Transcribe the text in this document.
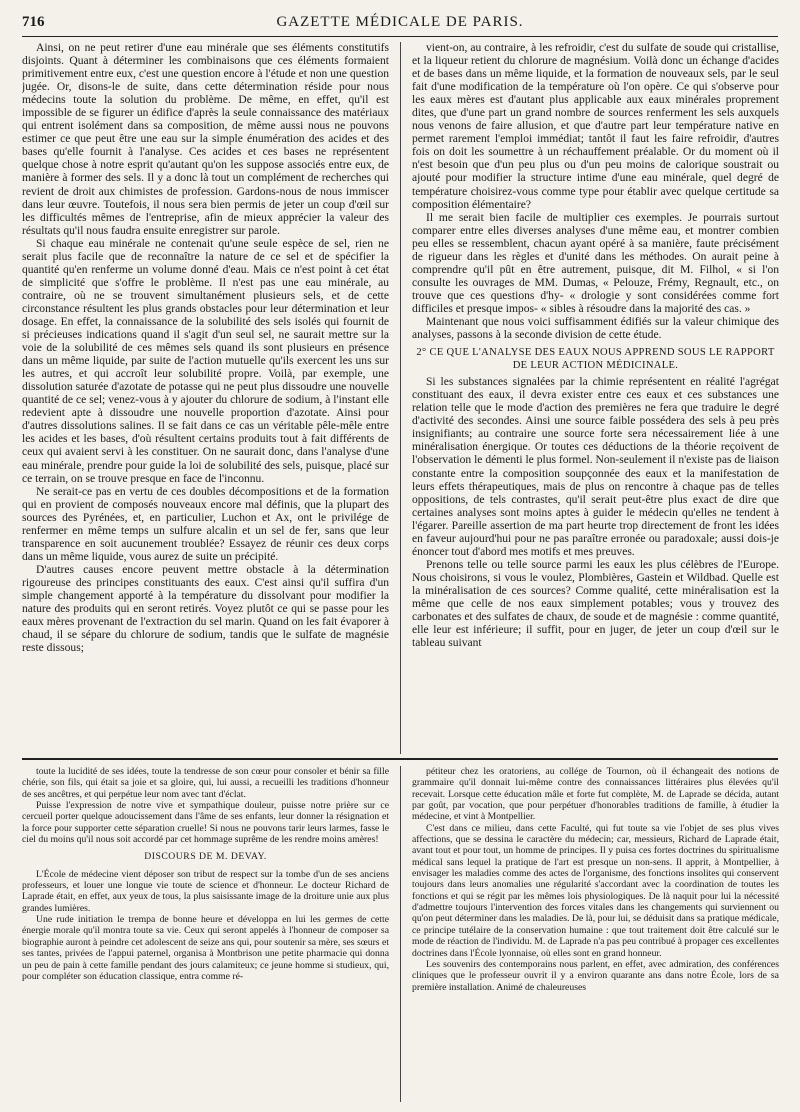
716	GAZETTE MÉDICALE DE PARIS.

Ainsi, on ne peut retirer d'une eau minérale que ses éléments constitutifs disjoints. Quant à déterminer les combinaisons que ces éléments formaient primitivement entre eux, c'est une question encore à l'étude et non une question jugée. Or, disons-le de suite, dans cette détermination réside pour nous médecins toute la solution du problème. De même, en effet, qu'il est impossible de se figurer un édifice d'après la seule connaissance des matériaux qui entrent isolément dans sa composition, de même aussi nous ne pouvons estimer ce que peut être une eau sur la simple énumération des acides et des bases qu'elle fournit à l'analyse. Ces acides et ces bases ne représentent quelque chose à notre esprit qu'autant qu'on les suppose associés entre eux, de manière à former des sels. Il y a donc là tout un complément de recherches qui revient de droit aux chimistes de profession. Gardons-nous de nous immiscer dans leur œuvre. Toutefois, il nous sera bien permis de jeter un coup d'œil sur les difficultés mêmes de l'entreprise, afin de mieux apprécier la valeur des résultats qu'il nous faudra ensuite enregistrer sur parole.

Si chaque eau minérale ne contenait qu'une seule espèce de sel, rien ne serait plus facile que de reconnaître la nature de ce sel et de spécifier la quantité qu'en renferme un volume donné d'eau. Mais ce n'est point à cet état de simplicité que s'offre le problème. Il n'est pas une eau minérale, au contraire, où ne se trouvent simultanément plusieurs sels, et de cette circonstance résultent les plus grands obstacles pour leur détermination et leur dosage. En effet, la connaissance de la solubilité des sels isolés qui fournit de si précieuses indications quand il s'agit d'un seul sel, ne saurait mettre sur la voie de la solubilité de ces mêmes sels quand ils sont plusieurs en présence dans un même liquide, par suite de l'action mutuelle qu'ils exercent les uns sur les autres, et qui accroît leur solubilité propre. Voilà, par exemple, une dissolution saturée d'azotate de potasse qui ne peut plus dissoudre une nouvelle quantité de ce sel; venez-vous à y ajouter du chlorure de sodium, à l'instant elle redevient apte à dissoudre une nouvelle proportion d'azotate. Ainsi pour d'autres dissolutions salines. Il se fait dans ce cas un véritable pêle-mêle entre les acides et les bases, d'où résultent certains produits tout à fait différents de ceux qui avaient servi à les constituer. On ne saurait donc, dans l'analyse d'une eau minérale, prendre pour guide la loi de solubilité des sels, puisque, placé sur ce terrain, on se trouve presque en face de l'inconnu.

Ne serait-ce pas en vertu de ces doubles décompositions et de la formation qui en provient de composés nouveaux encore mal définis, que la plupart des sources des Pyrénées, et, en particulier, Luchon et Ax, ont le privilége de renfermer en même temps un sulfure alcalin et un sel de fer, sans que leur transparence en soit aucunement troublée? Essayez de réunir ces deux corps dans un même liquide, vous aurez de suite un précipité.

D'autres causes encore peuvent mettre obstacle à la détermination rigoureuse des principes constituants des eaux. C'est ainsi qu'il suffira d'un simple changement apporté à la température du dissolvant pour modifier la nature des produits qui en seront retirés. Voyez plutôt ce qui se passe pour les eaux mères provenant de l'extraction du sel marin. Quand on les fait évaporer à chaud, il se sépare du chlorure de sodium, tandis que le sulfate de magnésie reste dissous;

vient-on, au contraire, à les refroidir, c'est du sulfate de soude qui cristallise, et la liqueur retient du chlorure de magnésium. Voilà donc un échange d'acides et de bases dans un même liquide, et la formation de nouveaux sels, par le seul fait d'une modification de la température où l'on opère. Ce qui s'observe pour les eaux mères est d'autant plus applicable aux eaux minérales proprement dites, que d'une part un grand nombre de sources renferment les sels auxquels nous venons de faire allusion, et que d'autre part leur température native en permet rarement l'emploi immédiat; tantôt il faut les faire refroidir, d'autres fois on doit les soumettre à un réchauffement préalable. Or du moment où il n'est besoin que d'un peu plus ou d'un peu moins de calorique soustrait ou ajouté pour modifier la structure intime d'une eau minérale, quel degré de température choisirez-vous comme type pour établir avec quelque certitude sa composition élémentaire?

Il me serait bien facile de multiplier ces exemples. Je pourrais surtout comparer entre elles diverses analyses d'une même eau, et montrer combien peu elles se ressemblent, chacun ayant opéré à sa manière, faute précisément de rigueur dans les règles et d'unité dans les méthodes. On aurait peine à comprendre qu'il pût en être autrement, puisque, dit M. Filhol, « si l'on consulte les ouvrages de MM. Dumas, « Pelouze, Frémy, Regnault, etc., on trouve que ces questions d'hy- « drologie y sont considérées comme fort difficiles et presque impos- « sibles à résoudre dans la majorité des cas. »

Maintenant que nous voici suffisamment édifiés sur la valeur chimique des analyses, passons à la seconde division de cette étude.

2° CE QUE L'ANALYSE DES EAUX NOUS APPREND SOUS LE RAPPORT
DE LEUR ACTION MÉDICINALE.

Si les substances signalées par la chimie représentent en réalité l'agrégat constituant des eaux, il devra exister entre ces eaux et ces substances une relation telle que le mode d'action des premières ne fera que traduire le degré d'activité des secondes. Ainsi une source faible possédera des sels à peu près insignifiants; au contraire une source forte sera nécessairement liée à une minéralisation énergique. Or toutes ces déductions de la théorie reçoivent de l'observation le démenti le plus formel. Non-seulement il n'existe pas de liaison constante entre la composition soupçonnée des eaux et la manifestation de leurs effets thérapeutiques, mais de plus on rencontre à chaque pas de telles oppositions, de tels contrastes, qu'il serait peut-être plus exact de dire que certaines analyses sont moins aptes à guider le médecin qu'elles ne tendent à l'égarer. Pareille assertion de ma part heurte trop directement de front les idées en faveur aujourd'hui pour ne pas paraître erronée ou paradoxale; aussi dois-je énoncer tout d'abord mes motifs et mes preuves.

Prenons telle ou telle source parmi les eaux les plus célèbres de l'Europe. Nous choisirons, si vous le voulez, Plombières, Gastein et Wildbad. Quelle est la minéralisation de ces sources? Comme qualité, cette minéralisation est la même que celle de nos eaux simplement potables; vous y trouvez des carbonates et des sulfates de chaux, de soude et de magnésie : comme quantité, elle leur est inférieure; il suffit, pour en juger, de jeter un coup d'œil sur le tableau suivant

toute la lucidité de ses idées, toute la tendresse de son cœur pour consoler et bénir sa fille chérie, son fils, qui était sa joie et sa gloire, qui, lui aussi, a recueilli les traditions d'honneur de ses ancêtres, et qui perpétue leur nom avec tant d'éclat.

Puisse l'expression de notre vive et sympathique douleur, puisse notre prière sur ce cercueil porter quelque adoucissement dans l'âme de ses enfants, leur donner la résignation et la force pour supporter cette séparation cruelle! Si nous ne pouvons tarir leurs larmes, fasse le ciel du moins qu'il nous soit accordé par cet hommage suprême de les rendre moins amères!

DISCOURS DE M. DEVAY.

L'École de médecine vient déposer son tribut de respect sur la tombe d'un de ses anciens professeurs, et louer une longue vie toute de science et d'honneur. Le docteur Richard de Laprade était, en effet, aux yeux de tous, la plus saisissante image de la droiture unie aux plus grandes lumières.

Une rude initiation le trempa de bonne heure et développa en lui les germes de cette énergie morale qu'il montra toute sa vie. Ceux qui seront appelés à l'honneur de composer sa biographie auront à peindre cet adolescent de seize ans qui, pour soutenir sa mère, ses sœurs et ses tantes, privées de l'appui paternel, organisa à Montbrison une petite pharmacie qui donna un peu de pain à cette famille pendant des jours calamiteux; ce jeune homme si studieux, qui, pour compléter son éducation classique, entra comme ré-

pétiteur chez les oratoriens, au collége de Tournon, où il échangeait des notions de grammaire qu'il donnait lui-même contre des connaissances littéraires plus élevées qu'il recevait. Lorsque cette éducation mâle et forte fut complète, M. de Laprade se décida, autant par goût, par vocation, que pour perpétuer d'honorables traditions de famille, à étudier la médecine, et vint à Montpellier.

C'est dans ce milieu, dans cette Faculté, qui fut toute sa vie l'objet de ses plus vives affections, que se dessina le caractère du médecin; car, messieurs, Richard de Laprade était, avant tout et pour tout, un homme de principes. Il y puisa ces fortes doctrines du spiritualisme médical sans lequel la pratique de l'art est presque un non-sens. Il apprit, à Montpellier, à envisager les maladies comme des actes de l'organisme, des fonctions insolites qui conservent toujours dans leurs anomalies une régularité s'accordant avec la coordination de toutes les fonctions et qui se régit par les mêmes lois physiologiques. De là naquit pour lui la nécessité d'admettre toujours l'intervention des forces vitales dans les changements qui surviennent ou qu'on peut déterminer dans les maladies. De là, pour lui, se déduisit dans sa pratique médicale, ce principe tutélaire de la conservation humaine : que tout traitement doit être calculé sur le mode de réaction de l'individu. M. de Laprade n'a pas peu contribué à propager ces excellentes doctrines dans l'École lyonnaise, où elles sont en grand honneur.

Les souvenirs des contemporains nous parlent, en effet, avec admiration, des conférences cliniques que le professeur ouvrit il y a environ quarante ans dans notre École, lors de sa première installation. Animé de chaleureuses
